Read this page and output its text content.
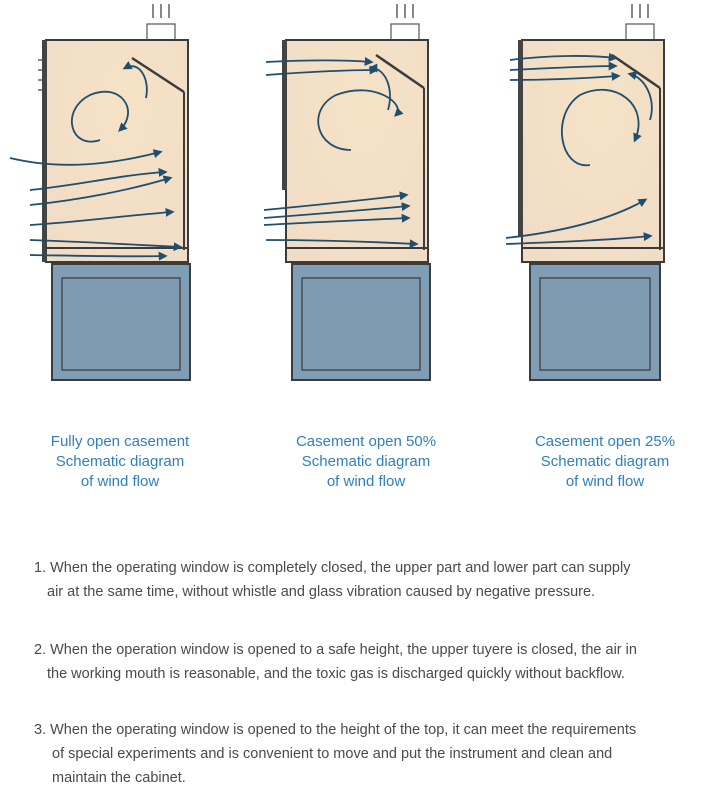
Fully open casement
Schematic diagram
of wind flow
Casement open 50%
Schematic diagram
of wind flow
Casement open 25%
Schematic diagram
of wind flow
1. When the operating window is completely closed, the upper part and lower part can supply
air at the same time, without whistle and glass vibration caused by negative pressure.
2. When the operation window is opened to a safe height, the upper tuyere is closed, the air in
the working mouth is reasonable, and the toxic gas is discharged quickly without backflow.
3. When the operating window is opened to the height of the top, it can meet the requirements
of special experiments and is convenient to move and put the instrument and clean and
maintain the cabinet.
